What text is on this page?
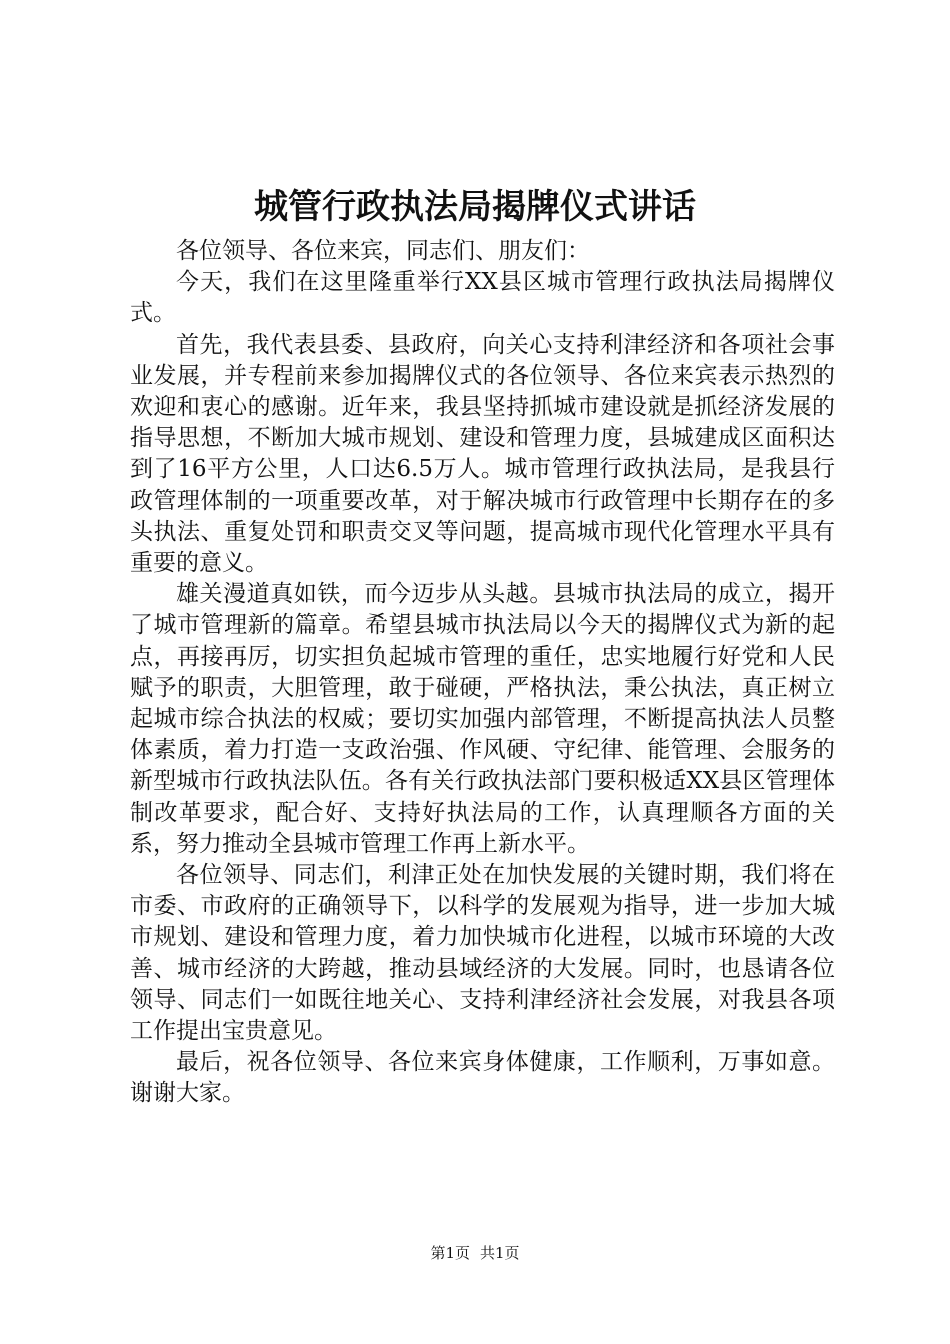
城管行政执法局揭牌仪式讲话

各位领导、各位来宾，同志们、朋友们：

今天，我们在这里隆重举行XX县区城市管理行政执法局揭牌仪式。

首先，我代表县委、县政府，向关心支持利津经济和各项社会事业发展，并专程前来参加揭牌仪式的各位领导、各位来宾表示热烈的欢迎和衷心的感谢。近年来，我县坚持抓城市建设就是抓经济发展的指导思想，不断加大城市规划、建设和管理力度，县城建成区面积达到了16平方公里，人口达6.5万人。城市管理行政执法局，是我县行政管理体制的一项重要改革，对于解决城市行政管理中长期存在的多头执法、重复处罚和职责交叉等问题，提高城市现代化管理水平具有重要的意义。

雄关漫道真如铁，而今迈步从头越。县城市执法局的成立，揭开了城市管理新的篇章。希望县城市执法局以今天的揭牌仪式为新的起点，再接再厉，切实担负起城市管理的重任，忠实地履行好党和人民赋予的职责，大胆管理，敢于碰硬，严格执法，秉公执法，真正树立起城市综合执法的权威；要切实加强内部管理，不断提高执法人员整体素质，着力打造一支政治强、作风硬、守纪律、能管理、会服务的新型城市行政执法队伍。各有关行政执法部门要积极适XX县区管理体制改革要求，配合好、支持好执法局的工作，认真理顺各方面的关系，努力推动全县城市管理工作再上新水平。

各位领导、同志们，利津正处在加快发展的关键时期，我们将在市委、市政府的正确领导下，以科学的发展观为指导，进一步加大城市规划、建设和管理力度，着力加快城市化进程，以城市环境的大改善、城市经济的大跨越，推动县域经济的大发展。同时，也恳请各位领导、同志们一如既往地关心、支持利津经济社会发展，对我县各项工作提出宝贵意见。

最后，祝各位领导、各位来宾身体健康，工作顺利，万事如意。谢谢大家。

第1页 共1页
